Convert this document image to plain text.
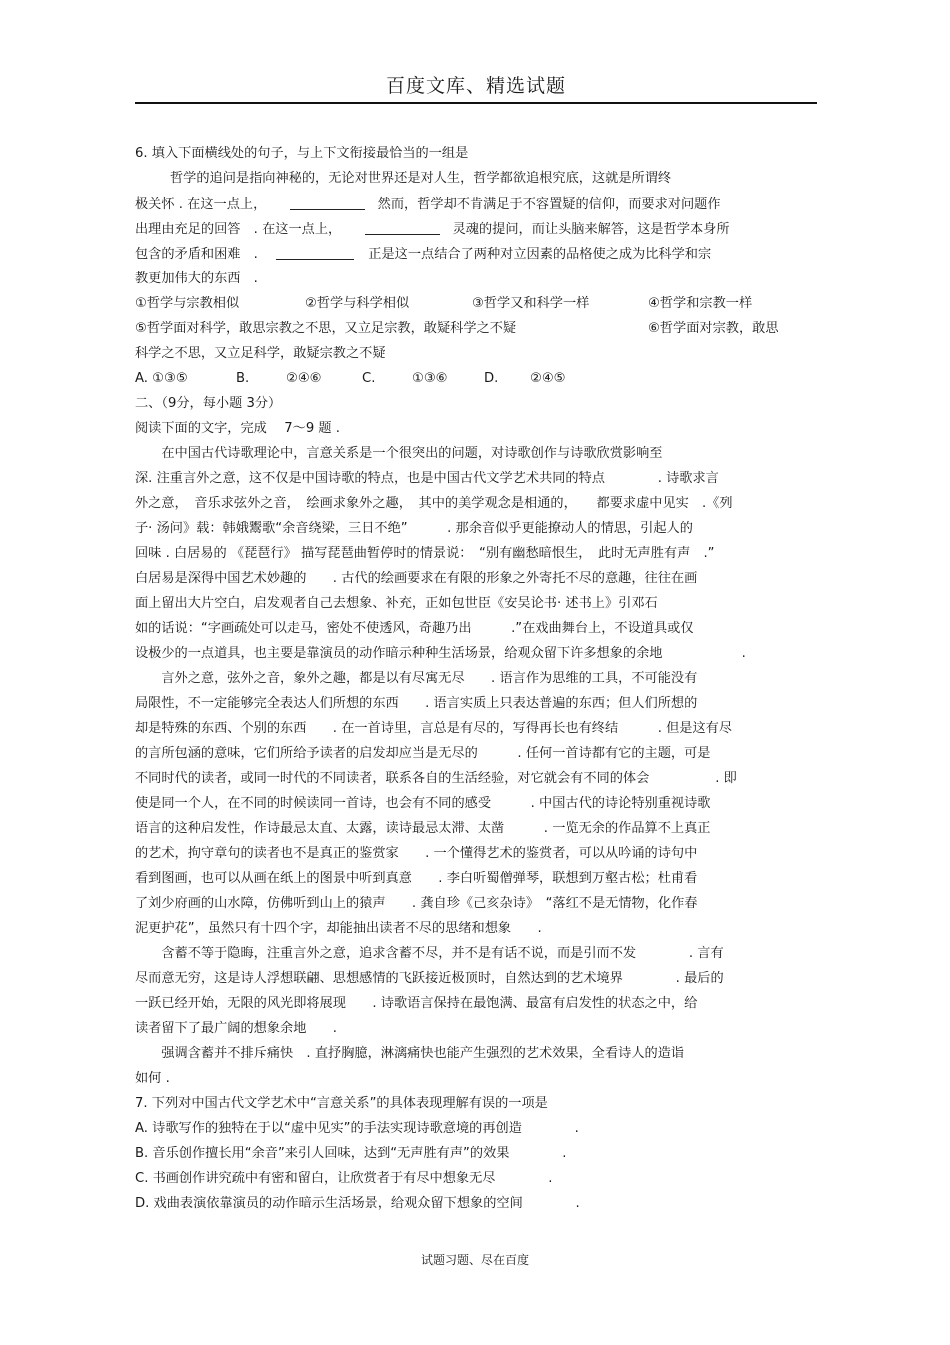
百度文库、精选试题
6. 填入下面横线处的句子，与上下文衔接最恰当的一组是
哲学的追问是指向神秘的，无论对世界还是对人生，哲学都欲追根究底，这就是所谓终
极关怀 . 在这一点上，	然而，哲学却不肯满足于不容置疑的信仰，而要求对问题作
出理由充足的回答　. 在这一点上，	灵魂的提问，而让头脑来解答，这是哲学本身所
包含的矛盾和困难　.	正是这一点结合了两种对立因素的品格使之成为比科学和宗
教更加伟大的东西　.
①哲学与宗教相似	②哲学与科学相似	③哲学又和科学一样	④哲学和宗教一样
⑤哲学面对科学，敢思宗教之不思，又立足宗教，敢疑科学之不疑	⑥哲学面对宗教，敢思
科学之不思，又立足科学，敢疑宗教之不疑
A. ①③⑤	B.	②④⑥	C.	①③⑥	D. ②④⑤
二、（9分，每小题 3分）
阅读下面的文字，完成　 7～9 题 .
　　在中国古代诗歌理论中，言意关系是一个很突出的问题，对诗歌创作与诗歌欣赏影响至
深. 注重言外之意，这不仅是中国诗歌的特点，也是中国古代文学艺术共同的特点　　　　. 诗歌求言
外之意，　音乐求弦外之音，　绘画求象外之趣，　其中的美学观念是相通的，　　都要求虚中见实　.《列
子· 汤问》载：韩娥鬻歌“余音绕梁，三日不绝”　　　. 那余音似乎更能撩动人的情思，引起人的
回味 . 白居易的 《琵琶行》 描写琵琶曲暂停时的情景说：　“别有幽愁暗恨生，　此时无声胜有声　.”
白居易是深得中国艺术妙趣的　　. 古代的绘画要求在有限的形象之外寄托不尽的意趣，往往在画
面上留出大片空白，启发观者自己去想象、补充，正如包世臣《安吴论书· 述书上》引邓石
如的话说：“字画疏处可以走马，密处不使透风，奇趣乃出　　　.”在戏曲舞台上，不设道具或仅
设极少的一点道具，也主要是靠演员的动作暗示种种生活场景，给观众留下许多想象的余地　　　　　　.
　　言外之意，弦外之音，象外之趣，都是以有尽寓无尽　　. 语言作为思维的工具，不可能没有
局限性，不一定能够完全表达人们所想的东西　　. 语言实质上只表达普遍的东西；但人们所想的
却是特殊的东西、个别的东西　　. 在一首诗里，言总是有尽的，写得再长也有终结　　　. 但是这有尽
的言所包涵的意味，它们所给予读者的启发却应当是无尽的　　　. 任何一首诗都有它的主题，可是
不同时代的读者，或同一时代的不同读者，联系各自的生活经验，对它就会有不同的体会　　　　　. 即
使是同一个人，在不同的时候读同一首诗，也会有不同的感受　　　. 中国古代的诗论特别重视诗歌
语言的这种启发性，作诗最忌太直、太露，读诗最忌太滞、太凿　　　. 一览无余的作品算不上真正
的艺术，拘守章句的读者也不是真正的鉴赏家　　. 一个懂得艺术的鉴赏者，可以从吟诵的诗句中
看到图画，也可以从画在纸上的图景中听到真意　　. 李白听蜀僧弹琴，联想到万壑古松；杜甫看
了刘少府画的山水障，仿佛听到山上的猿声　　. 龚自珍《己亥杂诗》　“落红不是无情物，化作春
泥更护花”，虽然只有十四个字，却能抽出读者不尽的思绪和想象　　.
　　含蓄不等于隐晦，注重言外之意，追求含蓄不尽，并不是有话不说，而是引而不发　　　　. 言有
尽而意无穷，这是诗人浮想联翩、思想感情的飞跃接近极顶时，自然达到的艺术境界　　　　. 最后的
一跃已经开始，无限的风光即将展现　　. 诗歌语言保持在最饱满、最富有启发性的状态之中，给
读者留下了最广阔的想象余地　　.
　　强调含蓄并不排斥痛快　. 直抒胸臆，淋漓痛快也能产生强烈的艺术效果，全看诗人的造诣
如何 .
7. 下列对中国古代文学艺术中“言意关系”的具体表现理解有误的一项是
A. 诗歌写作的独特在于以“虚中见实”的手法实现诗歌意境的再创造　　　　.
B. 音乐创作擅长用“余音”来引人回味，达到“无声胜有声”的效果　　　　.
C. 书画创作讲究疏中有密和留白，让欣赏者于有尽中想象无尽　　　　.
D. 戏曲表演依靠演员的动作暗示生活场景，给观众留下想象的空间　　　　.
试题习题、尽在百度
